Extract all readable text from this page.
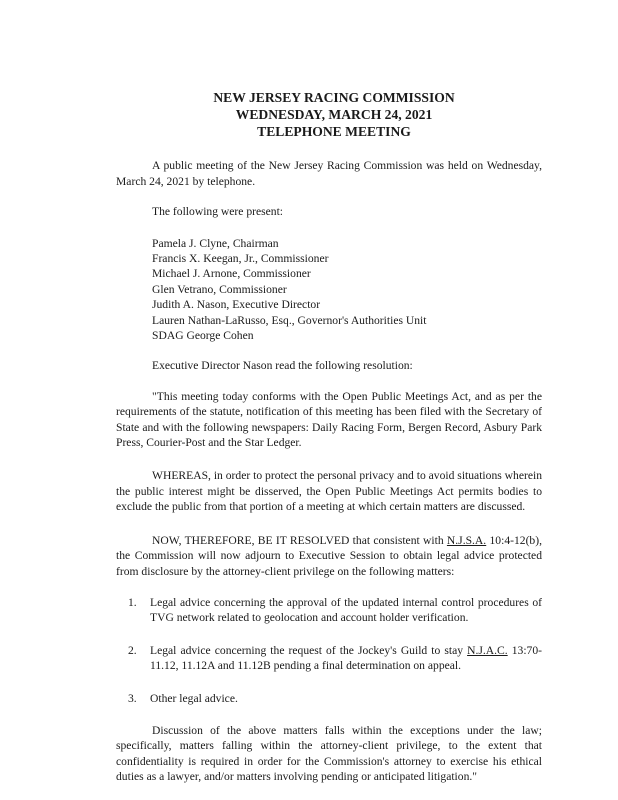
NEW JERSEY RACING COMMISSION
WEDNESDAY, MARCH 24, 2021
TELEPHONE MEETING

A public meeting of the New Jersey Racing Commission was held on Wednesday, March 24, 2021 by telephone.

The following were present:

Pamela J. Clyne, Chairman
Francis X. Keegan, Jr., Commissioner
Michael J. Arnone, Commissioner
Glen Vetrano, Commissioner
Judith A. Nason, Executive Director
Lauren Nathan-LaRusso, Esq., Governor's Authorities Unit
SDAG George Cohen

Executive Director Nason read the following resolution:

"This meeting today conforms with the Open Public Meetings Act, and as per the requirements of the statute, notification of this meeting has been filed with the Secretary of State and with the following newspapers: Daily Racing Form, Bergen Record, Asbury Park Press, Courier-Post and the Star Ledger.

WHEREAS, in order to protect the personal privacy and to avoid situations wherein the public interest might be disserved, the Open Public Meetings Act permits bodies to exclude the public from that portion of a meeting at which certain matters are discussed.

NOW, THEREFORE, BE IT RESOLVED that consistent with N.J.S.A. 10:4-12(b), the Commission will now adjourn to Executive Session to obtain legal advice protected from disclosure by the attorney-client privilege on the following matters:

1.	Legal advice concerning the approval of the updated internal control procedures of TVG network related to geolocation and account holder verification.
2.	Legal advice concerning the request of the Jockey's Guild to stay N.J.A.C. 13:70-11.12, 11.12A and 11.12B pending a final determination on appeal.
3.	Other legal advice.

Discussion of the above matters falls within the exceptions under the law; specifically, matters falling within the attorney-client privilege, to the extent that confidentiality is required in order for the Commission's attorney to exercise his ethical duties as a lawyer, and/or matters involving pending or anticipated litigation."
